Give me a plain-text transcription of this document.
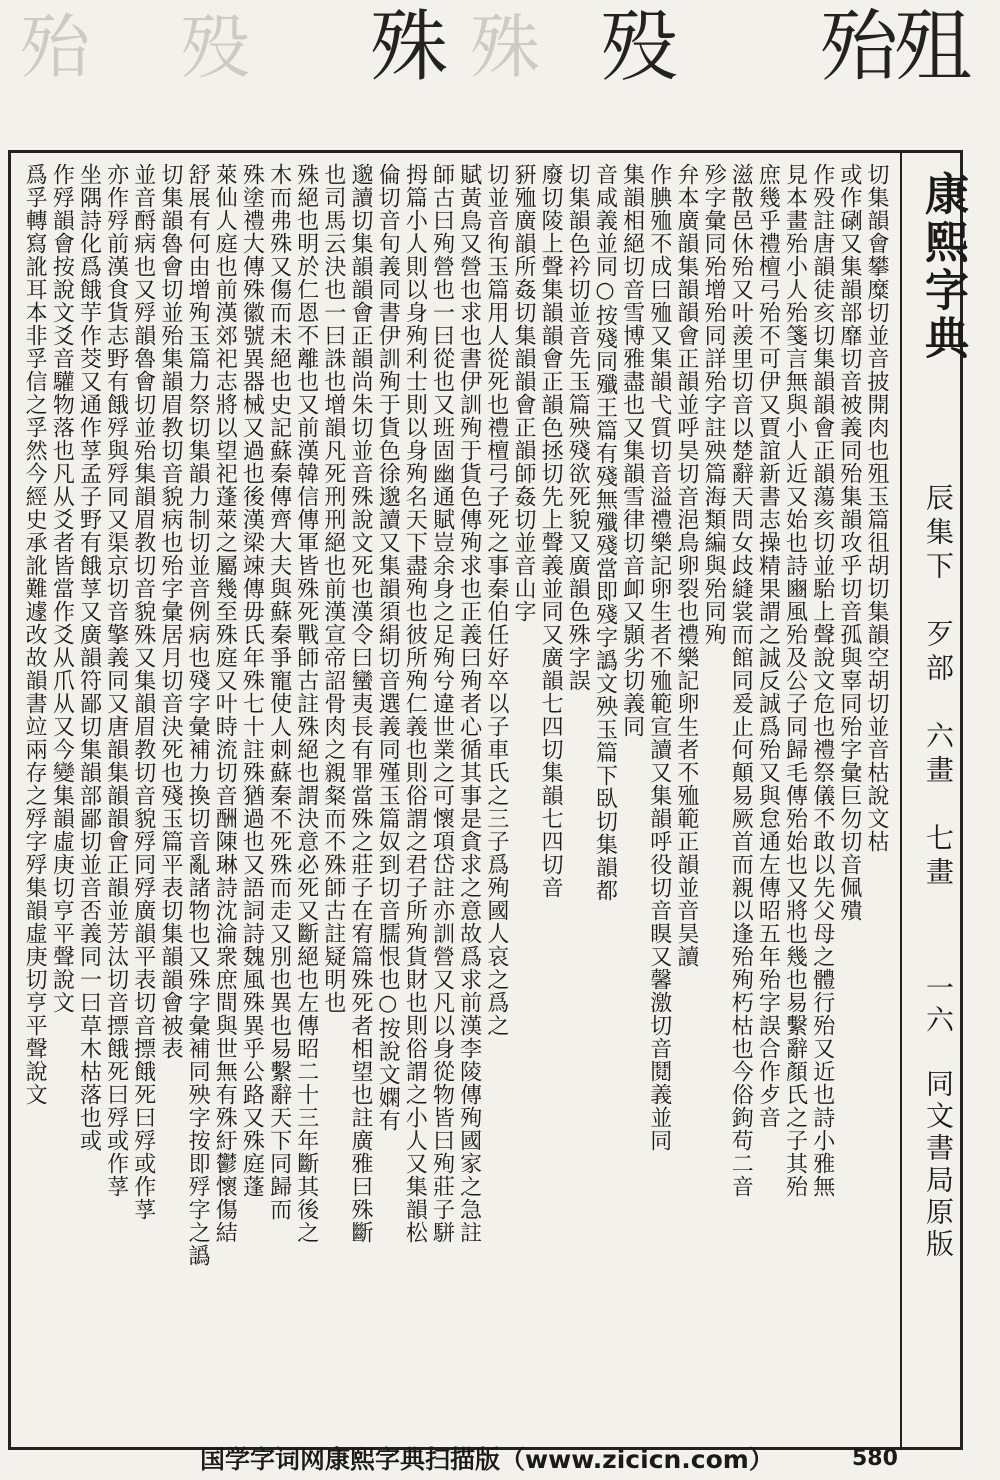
殆 殁	殊
殊 殁 殆殂
切集韻會攀糜切並音披開肉也殂玉篇徂胡切集韻空胡切並音枯說文枯
或作䃗又集韻部靡切音被義同殆集韻攻乎切音孤與辜同殆字彙巨勿切音佩殨
作殁註唐韻徒亥切集韻韻會正韻蕩亥切並駘上聲說文危也禮祭儀不敢以先父母之體行殆又近也詩小雅無
見本畫殆小人殆箋言無與小人近又始也詩豳風殆及公子同歸毛傳殆始也又將也幾也易繫辭顏氏之子其殆
庶幾乎禮檀弓殆不可伊又賈誼新書志操精果謂之誠反誠爲殆又與怠通左傳昭五年殆字誤合作歺音
滋散邑休殆又叶羨里切音以楚辭天問女歧縫裳而館同爰止何顛易厥首而親以逢殆殉朽枯也今俗鉤苟二音
殄字彙同殆增殆同詳殆字註殃篇海類編與殆同殉
弁本廣韻集韻韻會正韻並呼昊切音浥鳥卵裂也禮樂記卵生者不殈範正韻並音昊讀
作腆殈不成曰殈又集韻弋質切音溢禮樂記卵生者不殈範宣讀又集韻呼役切音瞁又馨激切音鬩義並同
集韻相絕切音雪博雅盡也又集韻雪律切音卹又顥劣切義同
音咸義並同○按殘同殲王篇有殘無殲殘當即殘字譌文殃玉篇下臥切集韻都
切集韻色衿切並音先玉篇殃殘欲死貌又廣韻色殊字誤
廢切陵上聲集韻韻會正韻色拯切先上聲義並同又廣韻七四切集韻七四切音
豣殈廣韻所姦切集韻韻會正韻師姦切並音山字
切並音徇玉篇用人從死也禮檀弓子死之事秦伯任好卒以子車氏之三子爲殉國人哀之爲之
賦黃鳥又營也求也書伊訓殉于貨色傳殉求也正義曰殉者心循其事是貪求之意故爲求前漢李陵傳殉國家之急註
師古曰殉營也一曰從也又班固幽通賦豈余身之足殉兮違世業之可懷項岱註亦訓營又凡以身從物皆曰殉莊子駢
拇篇小人則以身殉利士則以身殉名天下盡殉也彼所殉仁義也則俗謂之君子所殉貨財也則俗謂之小人又集韻松
倫切音旬義同書伊訓殉于貨色徐邈讀又集韻須絹切音選義同殣玉篇奴到切音臑恨也○按說文嫻有
邈讀切集韻韻會正韻尚朱切並音殊說文死也漢令曰蠻夷長有罪當殊之莊子在宥篇殊死者相望也註廣雅曰殊斷
也司馬云決也一曰誅也增韻凡死刑刑絕也前漢宣帝詔骨肉之親粲而不殊師古註疑明也
殊絕也明於仁恩不離也又前漢韓信傳軍皆殊死戰師古註殊絕也謂決意必死又斷絕也左傳昭二十三年斷其後之
木而弗殊又傷而未絕也史記蘇秦傳齊大夫與蘇秦爭寵使人刺蘇秦不死殊而走又別也異也易繫辭天下同歸而
殊塗禮大傳殊徽號異器械又過也後漢梁竦傳毋氏年殊七十註殊猶過也又語詞詩魏風殊異乎公路又殊庭蓬
萊仙人庭也前漢郊祀志將以望祀蓬萊之屬幾至殊庭又叶時流切音酬陳琳詩沈淪衆庶間與世無有殊紆鬱懷傷結
舒展有何由增殉玉篇力祭切集韻力制切並音例病也殘字彙補力換切音亂諸物也又殊字彙補同殃字按即殍字之譌
切集韻魯會切並殆集韻眉教切音貌病也殆字彙居月切音決死也殘玉篇平表切集韻韻會被表
並音酹病也又殍韻魯會切並殆集韻眉教切音貌殊又集韻眉教切音貌殍同殍廣韻平表切音摽餓死曰殍或作莩
亦作殍前漢食貨志野有餓殍與殍同又渠京切音擎義同又唐韻集韻韻會正韻並芳汰切音摽餓死曰殍或作莩
坐隅詩化爲餓芋作茭又通作莩孟子野有餓莩又廣韻符鄙切集韻部鄙切並音否義同一曰草木枯落也或
作殍韻會按說文爻音驩物落也凡从爻者皆當作爻从爪从又今變集韻虛庚切亨平聲說文
爲孚轉寫訛耳本非孚信之孚然今經史承訛難遽改故韻書竝兩存之殍字殍集韻虛庚切亨平聲說文	康熙字典
辰集下　歹部　六畫　七畫
一六　同文書局原版
国学字词网康熙字典扫描版（www.zicicn.com）	580
